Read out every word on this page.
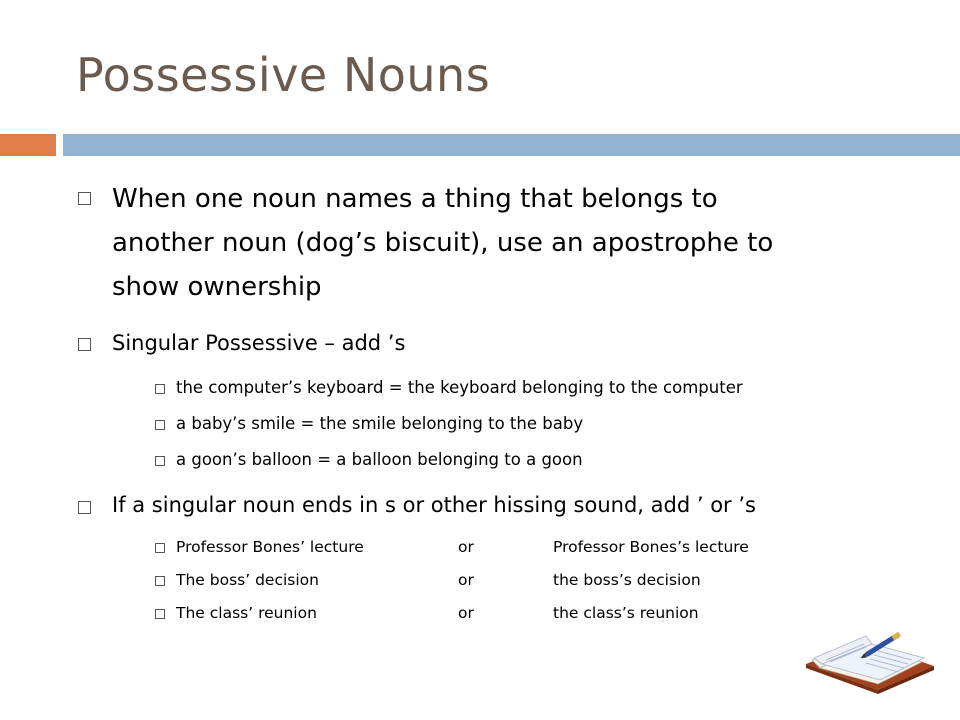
Possessive Nouns
When one noun names a thing that belongs to
another noun (dog’s biscuit), use an apostrophe to
show ownership
Singular Possessive – add ’s
the computer’s keyboard = the keyboard belonging to the computer
a baby’s smile = the smile belonging to the baby
a goon’s balloon = a balloon belonging to a goon
If a singular noun ends in s or other hissing sound, add ’ or ’s
Professor Bones’ lecture	or	Professor Bones’s lecture
The boss’ decision	or	the boss’s decision
The class’ reunion	or	the class’s reunion
